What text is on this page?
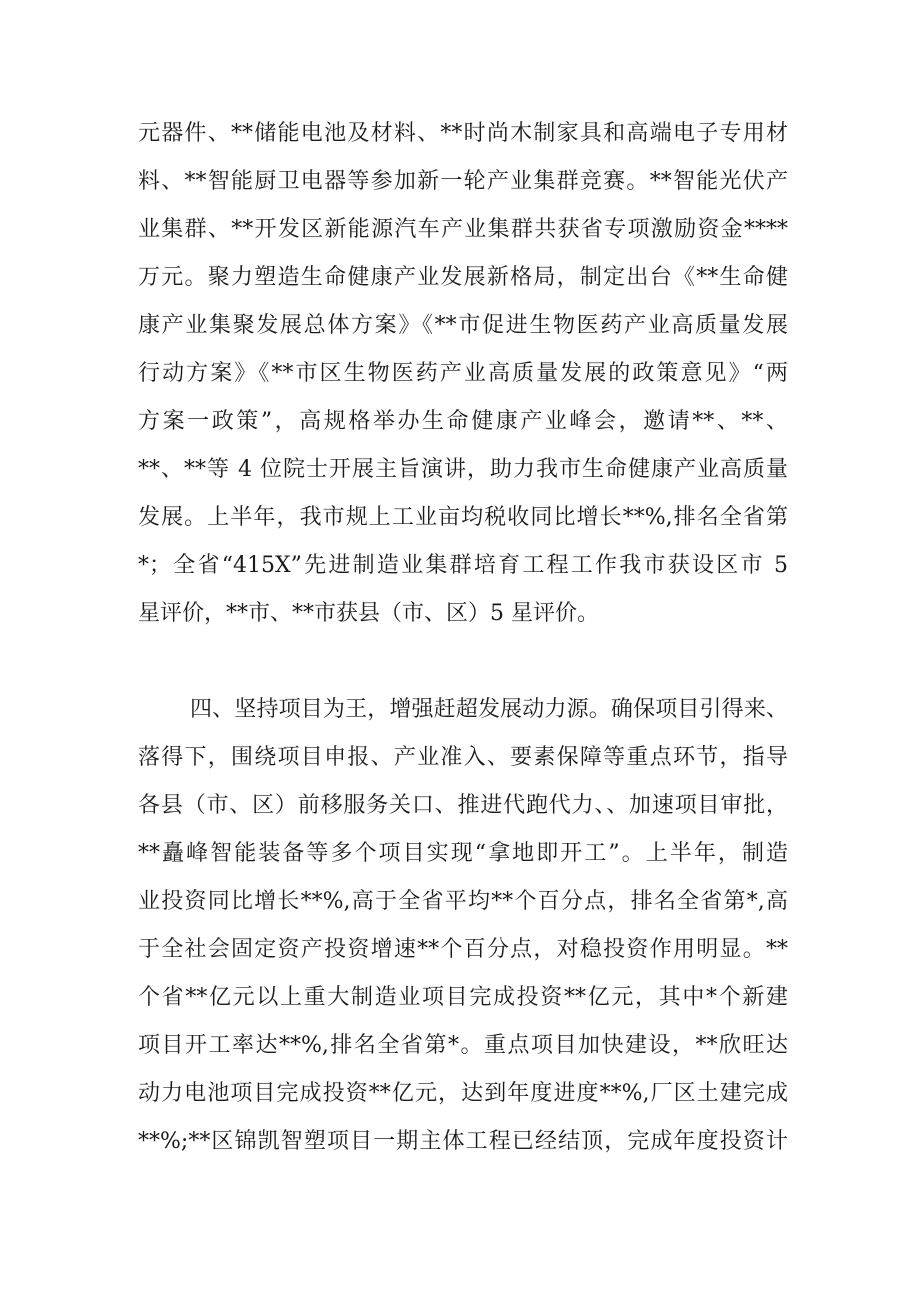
元器件、**储能电池及材料、**时尚木制家具和高端电子专用材
料、**智能厨卫电器等参加新一轮产业集群竞赛。**智能光伏产
业集群、**开发区新能源汽车产业集群共获省专项激励资金****
万元。聚力塑造生命健康产业发展新格局，制定出台《**生命健
康产业集聚发展总体方案》《**市促进生物医药产业高质量发展
行动方案》《**市区生物医药产业高质量发展的政策意见》“两
方案一政策”，高规格举办生命健康产业峰会，邀请**、**、
**、**等 4 位院士开展主旨演讲，助力我市生命健康产业高质量
发展。上半年，我市规上工业亩均税收同比增长**%,排名全省第
*；全省“415X”先进制造业集群培育工程工作我市获设区市 5
星评价，**市、**市获县（市、区）5 星评价。
四、坚持项目为王，增强赶超发展动力源。确保项目引得来、
落得下，围绕项目申报、产业准入、要素保障等重点环节，指导
各县（市、区）前移服务关口、推进代跑代力、、加速项目审批，
**矗峰智能装备等多个项目实现“拿地即开工”。上半年，制造
业投资同比增长**%,高于全省平均**个百分点，排名全省第*,高
于全社会固定资产投资增速**个百分点，对稳投资作用明显。**
个省**亿元以上重大制造业项目完成投资**亿元，其中*个新建
项目开工率达**%,排名全省第*。重点项目加快建设，**欣旺达
动力电池项目完成投资**亿元，达到年度进度**%,厂区土建完成
**%;**区锦凯智塑项目一期主体工程已经结顶，完成年度投资计
